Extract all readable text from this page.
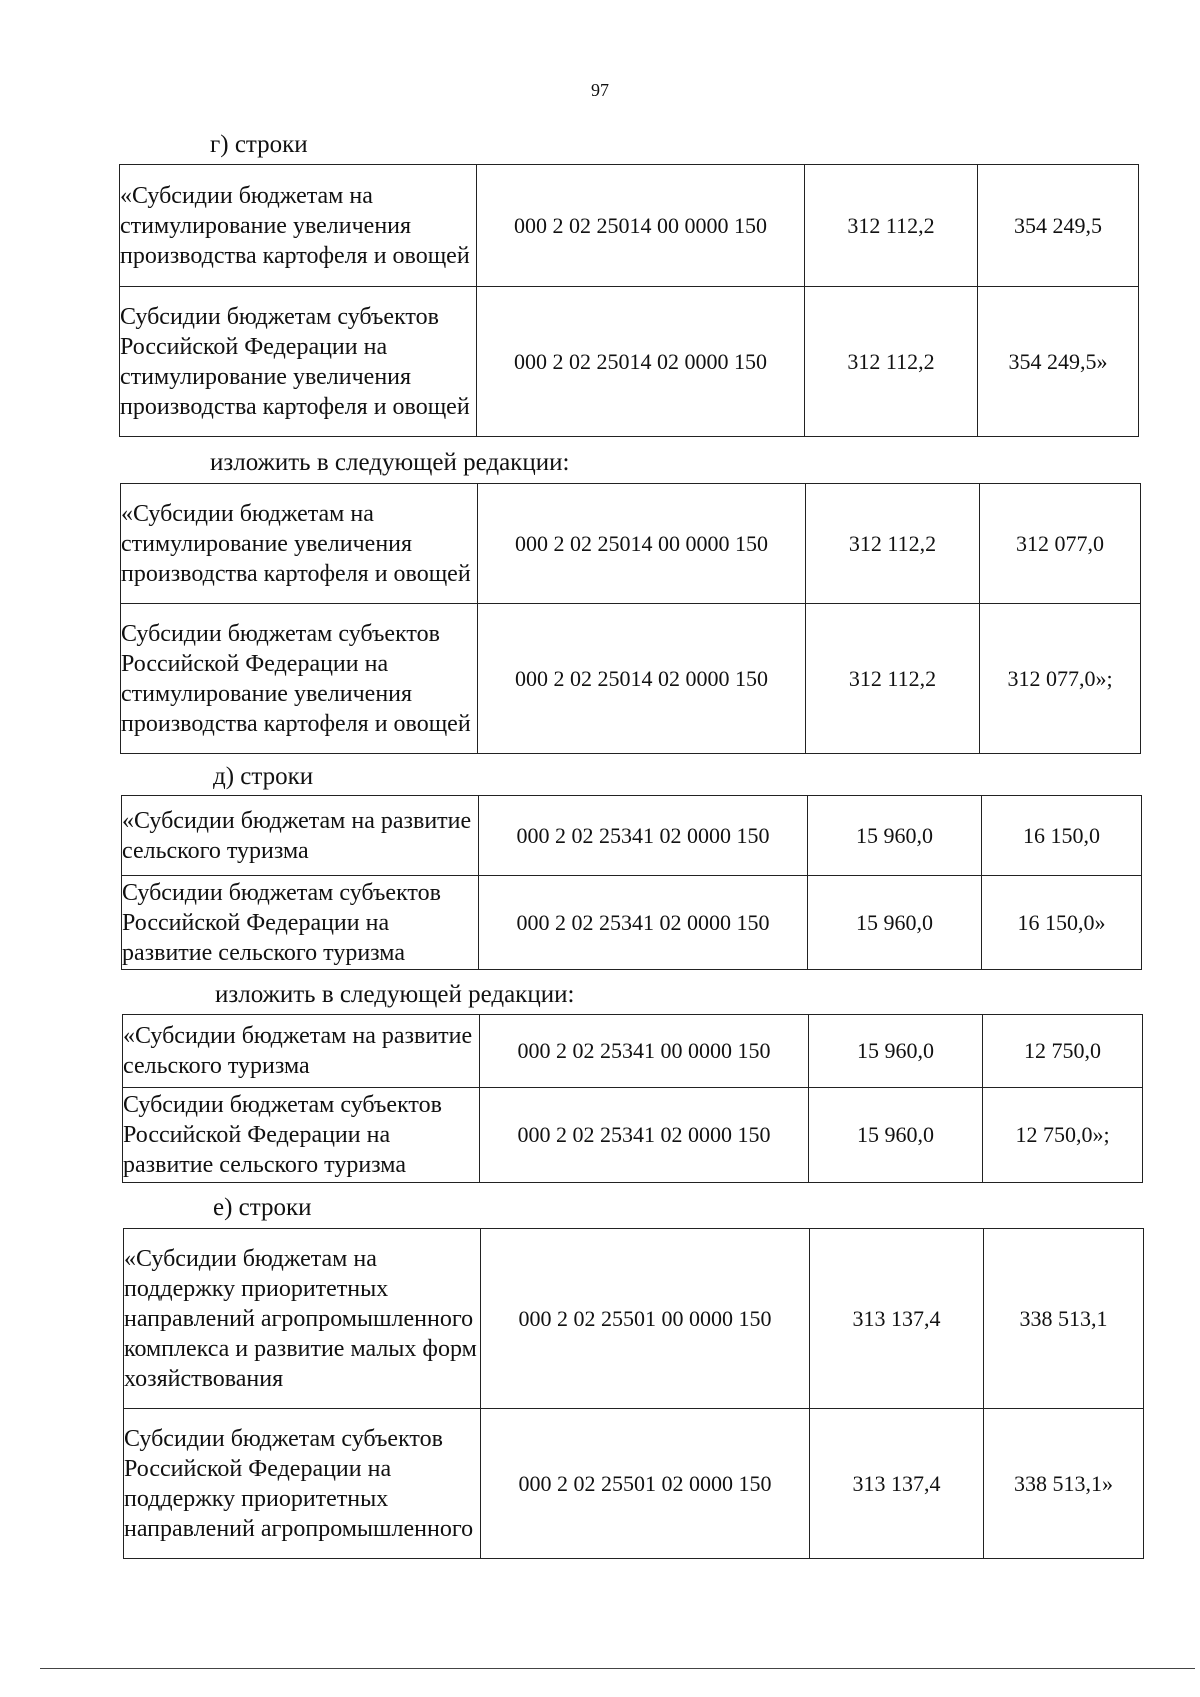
97
г) строки
«Субсидии бюджетам на стимулирование увеличения производства картофеля и овощей	000 2 02 25014 00 0000 150	312 112,2	354 249,5
Субсидии бюджетам субъектов Российской Федерации на стимулирование увеличения производства картофеля и овощей	000 2 02 25014 02 0000 150	312 112,2	354 249,5»
изложить в следующей редакции:
«Субсидии бюджетам на стимулирование увеличения производства картофеля и овощей	000 2 02 25014 00 0000 150	312 112,2	312 077,0
Субсидии бюджетам субъектов Российской Федерации на стимулирование увеличения производства картофеля и овощей	000 2 02 25014 02 0000 150	312 112,2	312 077,0»;
д) строки
«Субсидии бюджетам на развитие сельского туризма	000 2 02 25341 02 0000 150	15 960,0	16 150,0
Субсидии бюджетам субъектов Российской Федерации на развитие сельского туризма	000 2 02 25341 02 0000 150	15 960,0	16 150,0»
изложить в следующей редакции:
«Субсидии бюджетам на развитие сельского туризма	000 2 02 25341 00 0000 150	15 960,0	12 750,0
Субсидии бюджетам субъектов Российской Федерации на развитие сельского туризма	000 2 02 25341 02 0000 150	15 960,0	12 750,0»;
е) строки
«Субсидии бюджетам на поддержку приоритетных направлений агропромышленного комплекса и развитие малых форм хозяйствования	000 2 02 25501 00 0000 150	313 137,4	338 513,1
Субсидии бюджетам субъектов Российской Федерации на поддержку приоритетных направлений агропромышленного	000 2 02 25501 02 0000 150	313 137,4	338 513,1»
